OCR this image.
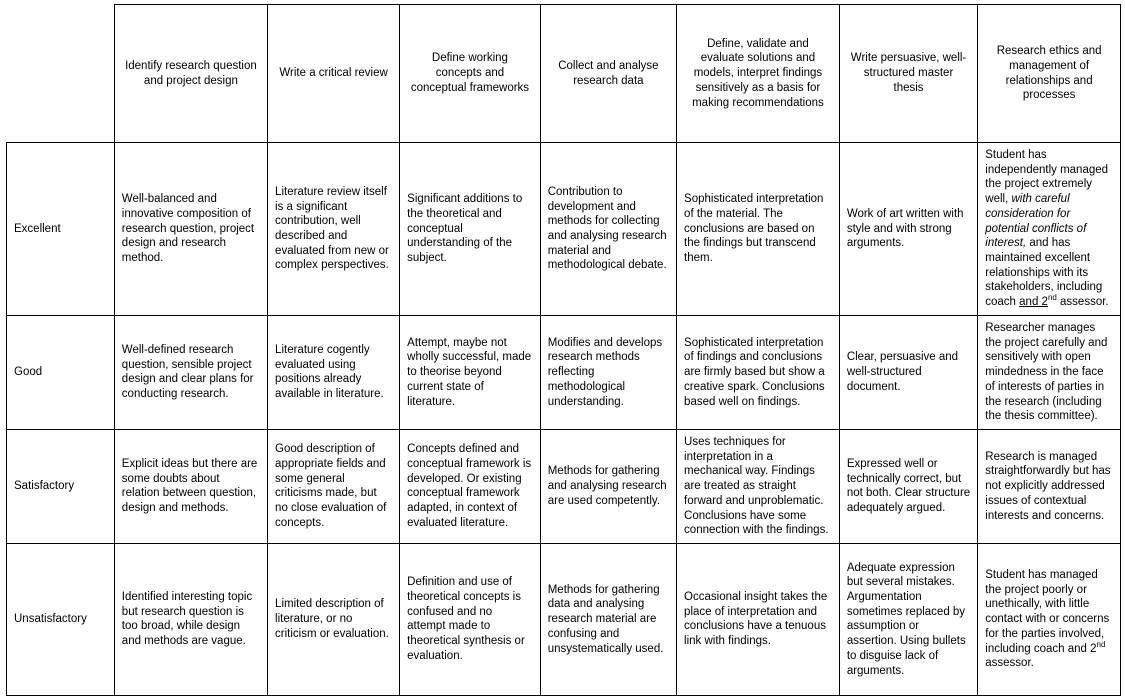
	Identify research question and project design	Write a critical review	Define working concepts and conceptual frameworks	Collect and analyse research data	Define, validate and evaluate solutions and models, interpret findings sensitively as a basis for making recommendations	Write persuasive, well-structured master thesis	Research ethics and management of relationships and processes
Excellent	Well-balanced and innovative composition of research question, project design and research method.	Literature review itself is a significant contribution, well described and evaluated from new or complex perspectives.	Significant additions to the theoretical and conceptual understanding of the subject.	Contribution to development and methods for collecting and analysing research material and methodological debate.	Sophisticated interpretation of the material. The conclusions are based on the findings but transcend them.	Work of art written with style and with strong arguments.	Student has independently managed the project extremely well, with careful consideration for potential conflicts of interest, and has maintained excellent relationships with its stakeholders, including coach and 2nd assessor.
Good	Well-defined research question, sensible project design and clear plans for conducting research.	Literature cogently evaluated using positions already available in literature.	Attempt, maybe not wholly successful, made to theorise beyond current state of literature.	Modifies and develops research methods reflecting methodological understanding.	Sophisticated interpretation of findings and conclusions are firmly based but show a creative spark. Conclusions based well on findings.	Clear, persuasive and well-structured document.	Researcher manages the project carefully and sensitively with open mindedness in the face of interests of parties in the research (including the thesis committee).
Satisfactory	Explicit ideas but there are some doubts about relation between question, design and methods.	Good description of appropriate fields and some general criticisms made, but no close evaluation of concepts.	Concepts defined and conceptual framework is developed. Or existing conceptual framework adapted, in context of evaluated literature.	Methods for gathering and analysing research are used competently.	Uses techniques for interpretation in a mechanical way. Findings are treated as straight forward and unproblematic. Conclusions have some connection with the findings.	Expressed well or technically correct, but not both. Clear structure adequately argued.	Research is managed straightforwardly but has not explicitly addressed issues of contextual interests and concerns.
Unsatisfactory	Identified interesting topic but research question is too broad, while design and methods are vague.	Limited description of literature, or no criticism or evaluation.	Definition and use of theoretical concepts is confused and no attempt made to theoretical synthesis or evaluation.	Methods for gathering data and analysing research material are confusing and unsystematically used.	Occasional insight takes the place of interpretation and conclusions have a tenuous link with findings.	Adequate expression but several mistakes. Argumentation sometimes replaced by assumption or assertion. Using bullets to disguise lack of arguments.	Student has managed the project poorly or unethically, with little contact with or concerns for the parties involved, including coach and 2nd assessor.
